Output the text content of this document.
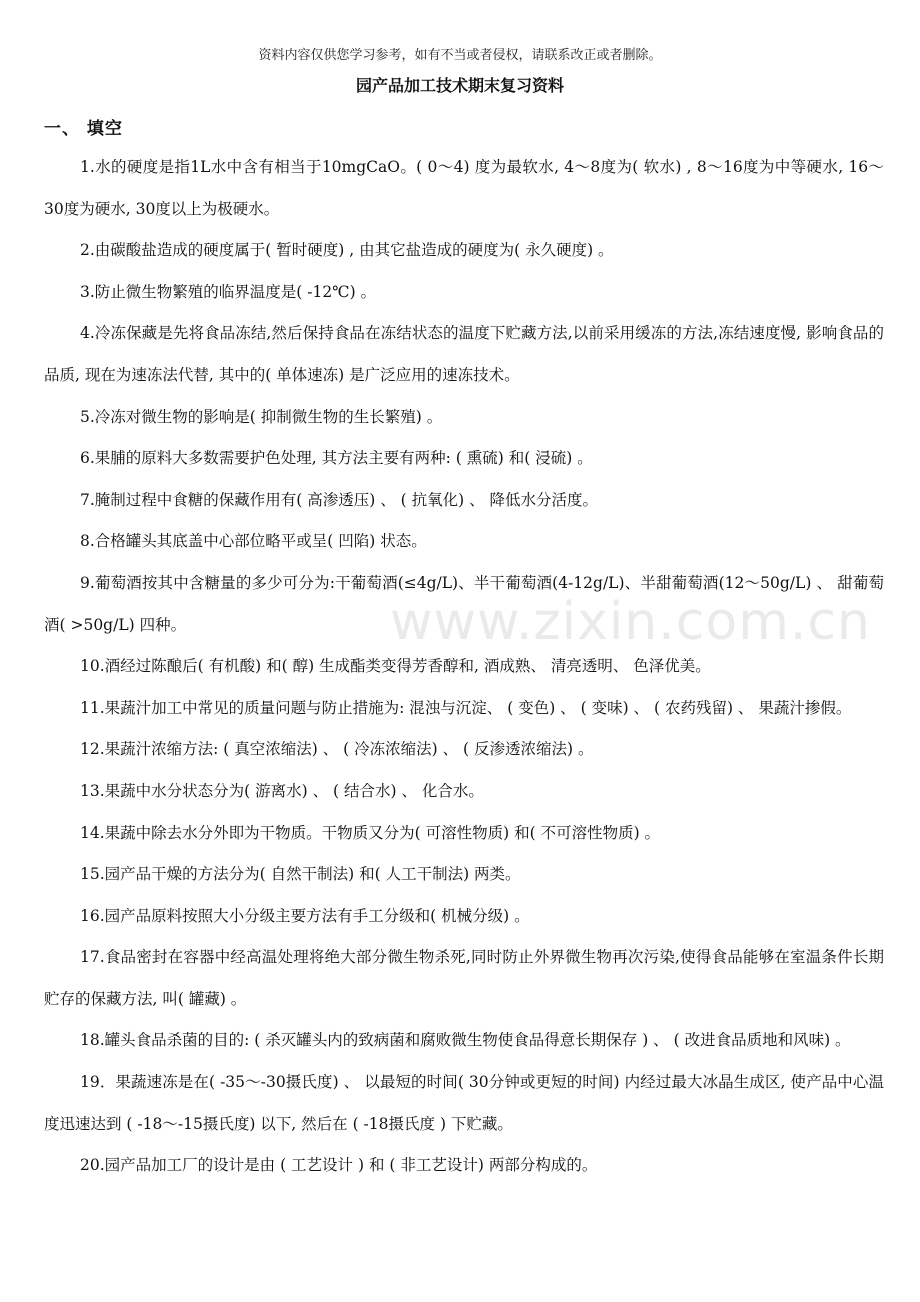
资料内容仅供您学习参考，如有不当或者侵权，请联系改正或者删除。
园产品加工技术期末复习资料
一、 填空

1.水的硬度是指1L水中含有相当于10mgCaO。( 0～4) 度为最软水, 4～8度为( 软水) , 8～16度为中等硬水, 16～30度为硬水, 30度以上为极硬水。

2.由碳酸盐造成的硬度属于( 暂时硬度) , 由其它盐造成的硬度为( 永久硬度) 。

3.防止微生物繁殖的临界温度是( -12℃) 。

4.冷冻保藏是先将食品冻结,然后保持食品在冻结状态的温度下贮藏方法,以前采用缓冻的方法,冻结速度慢, 影响食品的品质, 现在为速冻法代替, 其中的( 单体速冻) 是广泛应用的速冻技术。

5.冷冻对微生物的影响是( 抑制微生物的生长繁殖) 。

6.果脯的原料大多数需要护色处理, 其方法主要有两种: ( 熏硫) 和( 浸硫) 。

7.腌制过程中食糖的保藏作用有( 高渗透压) 、 ( 抗氧化) 、 降低水分活度。

8.合格罐头其底盖中心部位略平或呈( 凹陷) 状态。

9.葡萄酒按其中含糖量的多少可分为:干葡萄酒(≤4g/L)、半干葡萄酒(4-12g/L)、半甜葡萄酒(12～50g/L) 、 甜葡萄酒( >50g/L) 四种。

10.酒经过陈酿后( 有机酸) 和( 醇) 生成酯类变得芳香醇和, 酒成熟、 清亮透明、 色泽优美。

11.果蔬汁加工中常见的质量问题与防止措施为: 混浊与沉淀、 ( 变色) 、 ( 变味) 、 ( 农药残留) 、 果蔬汁掺假。

12.果蔬汁浓缩方法: ( 真空浓缩法) 、 ( 冷冻浓缩法) 、 ( 反渗透浓缩法) 。

13.果蔬中水分状态分为( 游离水) 、 ( 结合水) 、 化合水。

14.果蔬中除去水分外即为干物质。干物质又分为( 可溶性物质) 和( 不可溶性物质) 。

15.园产品干燥的方法分为( 自然干制法) 和( 人工干制法) 两类。

16.园产品原料按照大小分级主要方法有手工分级和( 机械分级) 。

17.食品密封在容器中经高温处理将绝大部分微生物杀死,同时防止外界微生物再次污染,使得食品能够在室温条件长期贮存的保藏方法, 叫( 罐藏) 。

18.罐头食品杀菌的目的: ( 杀灭罐头内的致病菌和腐败微生物使食品得意长期保存 ) 、 ( 改进食品质地和风味) 。

19．果蔬速冻是在( -35～-30摄氏度) 、 以最短的时间( 30分钟或更短的时间) 内经过最大冰晶生成区, 使产品中心温度迅速达到 ( -18～-15摄氏度) 以下, 然后在 ( -18摄氏度 ) 下贮藏。

20.园产品加工厂的设计是由 ( 工艺设计 ) 和 ( 非工艺设计) 两部分构成的。

www.zixin.com.cn
